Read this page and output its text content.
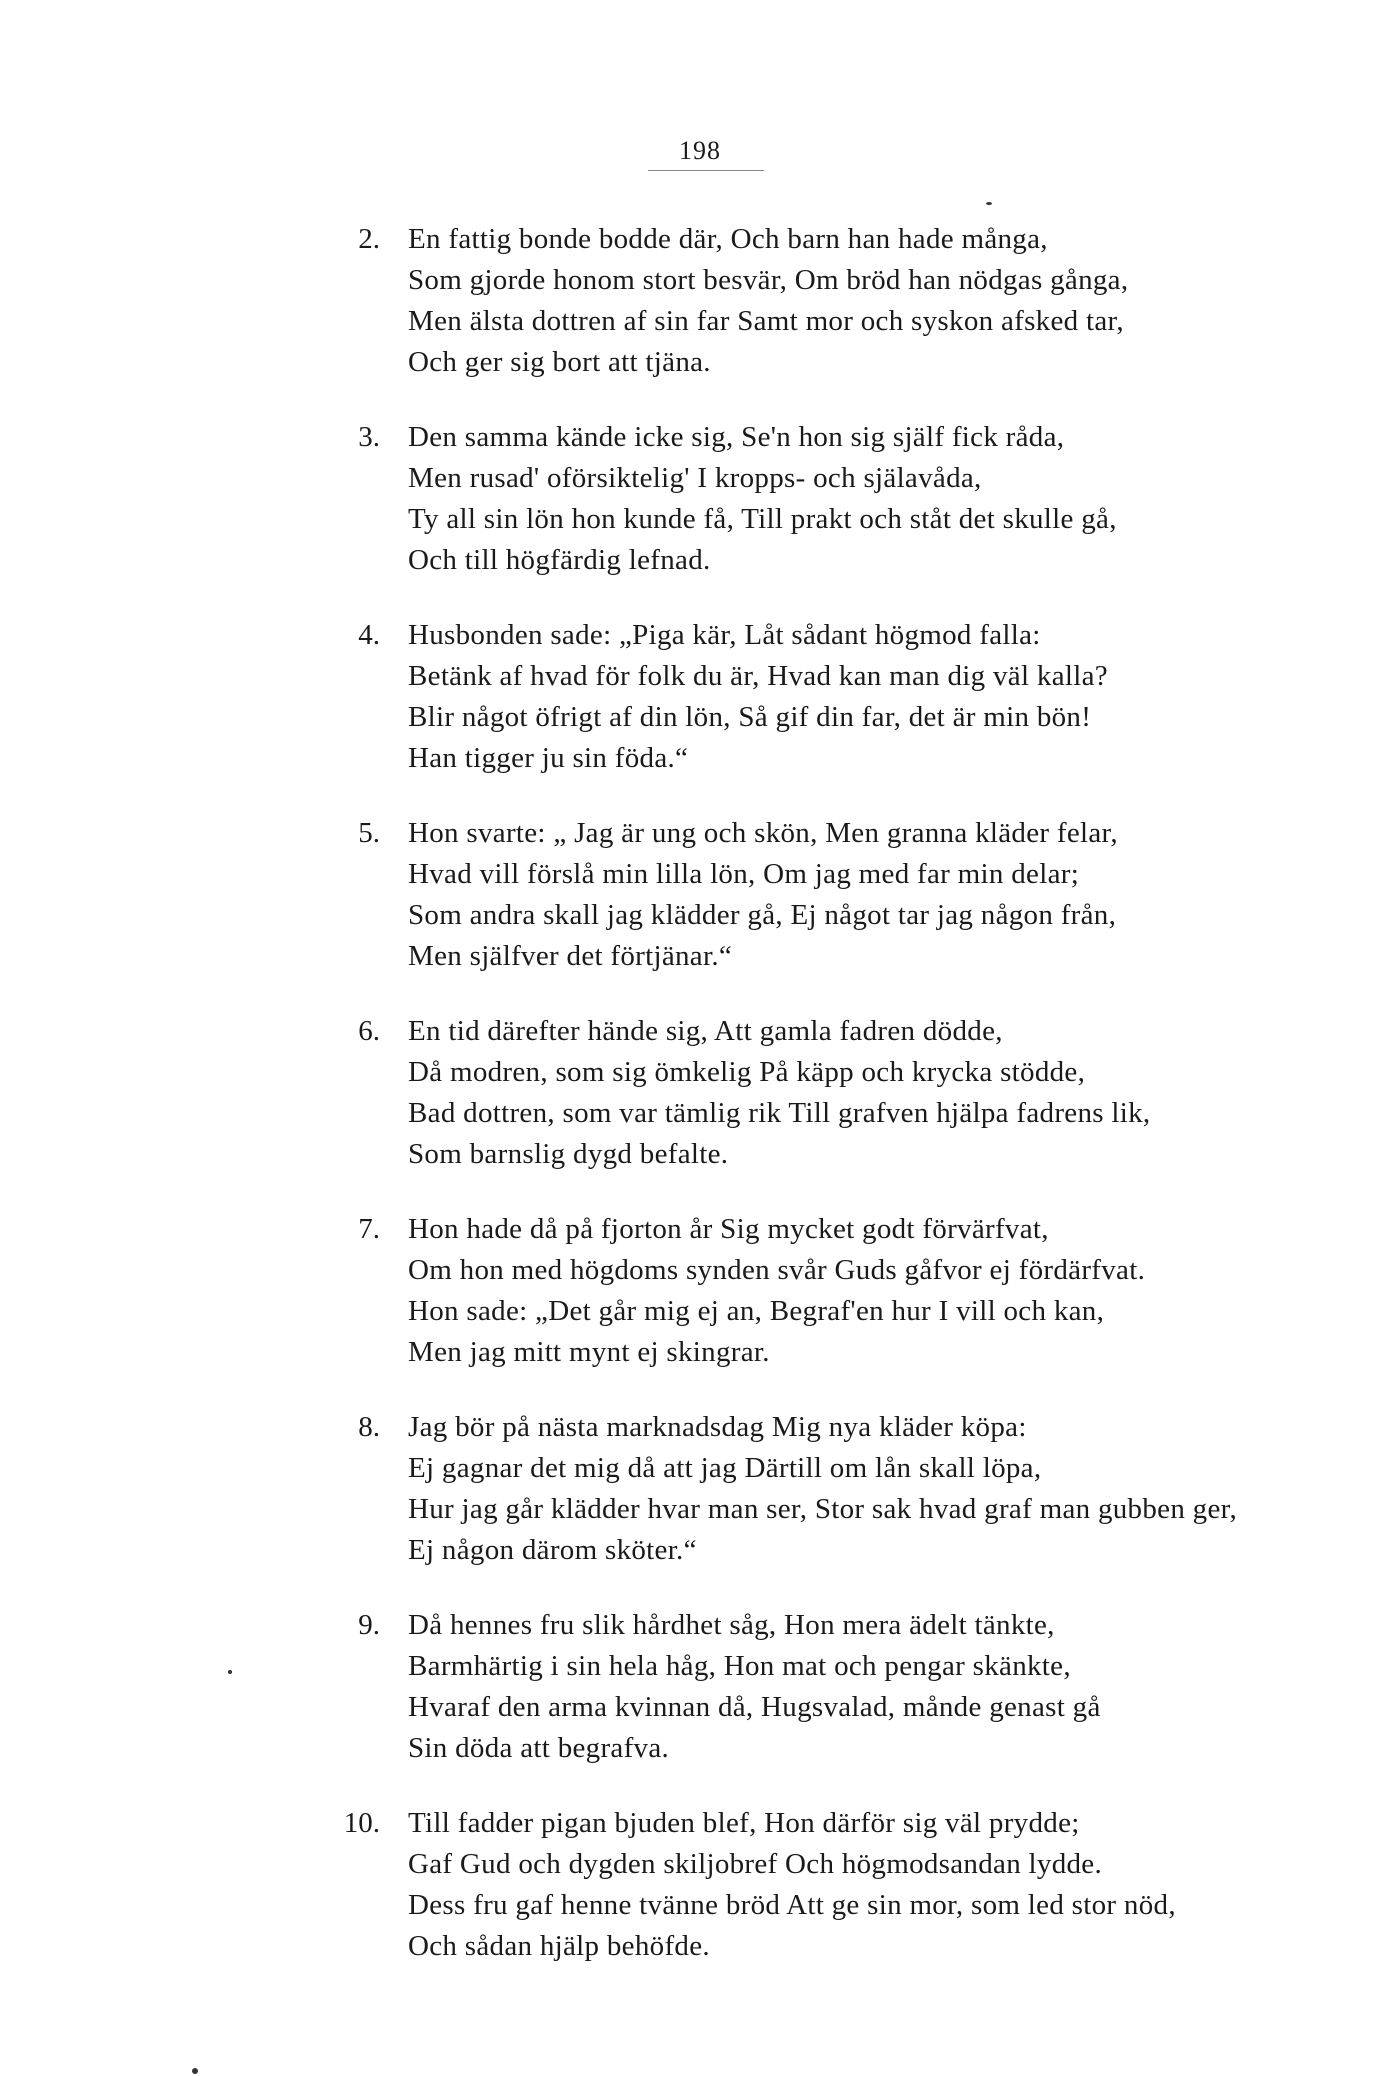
198
2. En fattig bonde bodde där, Och barn han hade många,
Som gjorde honom stort besvär, Om bröd han nödgas gånga,
Men älsta dottren af sin far Samt mor och syskon afsked tar,
Och ger sig bort att tjäna.
3. Den samma kände icke sig, Se'n hon sig själf fick råda,
Men rusad' oförsiktelig' I kropps- och själavåda,
Ty all sin lön hon kunde få, Till prakt och ståt det skulle gå,
Och till högfärdig lefnad.
4. Husbonden sade: „Piga kär, Låt sådant högmod falla:
Betänk af hvad för folk du är, Hvad kan man dig väl kalla?
Blir något öfrigt af din lön, Så gif din far, det är min bön!
Han tigger ju sin föda.“
5. Hon svarte: „ Jag är ung och skön, Men granna kläder felar,
Hvad vill förslå min lilla lön, Om jag med far min delar;
Som andra skall jag klädder gå, Ej något tar jag någon från,
Men själfver det förtjänar.“
6. En tid därefter hände sig, Att gamla fadren dödde,
Då modren, som sig ömkelig På käpp och krycka stödde,
Bad dottren, som var tämlig rik Till grafven hjälpa fadrens lik,
Som barnslig dygd befalte.
7. Hon hade då på fjorton år Sig mycket godt förvärfvat,
Om hon med högdoms synden svår Guds gåfvor ej fördärfvat.
Hon sade: „Det går mig ej an, Begraf'en hur I vill och kan,
Men jag mitt mynt ej skingrar.
8. Jag bör på nästa marknadsdag Mig nya kläder köpa:
Ej gagnar det mig då att jag Därtill om lån skall löpa,
Hur jag går klädder hvar man ser, Stor sak hvad graf man gubben ger,
Ej någon därom sköter.“
9. Då hennes fru slik hårdhet såg, Hon mera ädelt tänkte,
Barmhärtig i sin hela håg, Hon mat och pengar skänkte,
Hvaraf den arma kvinnan då, Hugsvalad, månde genast gå
Sin döda att begrafva.
10. Till fadder pigan bjuden blef, Hon därför sig väl prydde;
Gaf Gud och dygden skiljobref Och högmodsandan lydde.
Dess fru gaf henne tvänne bröd Att ge sin mor, som led stor nöd,
Och sådan hjälp behöfde.
